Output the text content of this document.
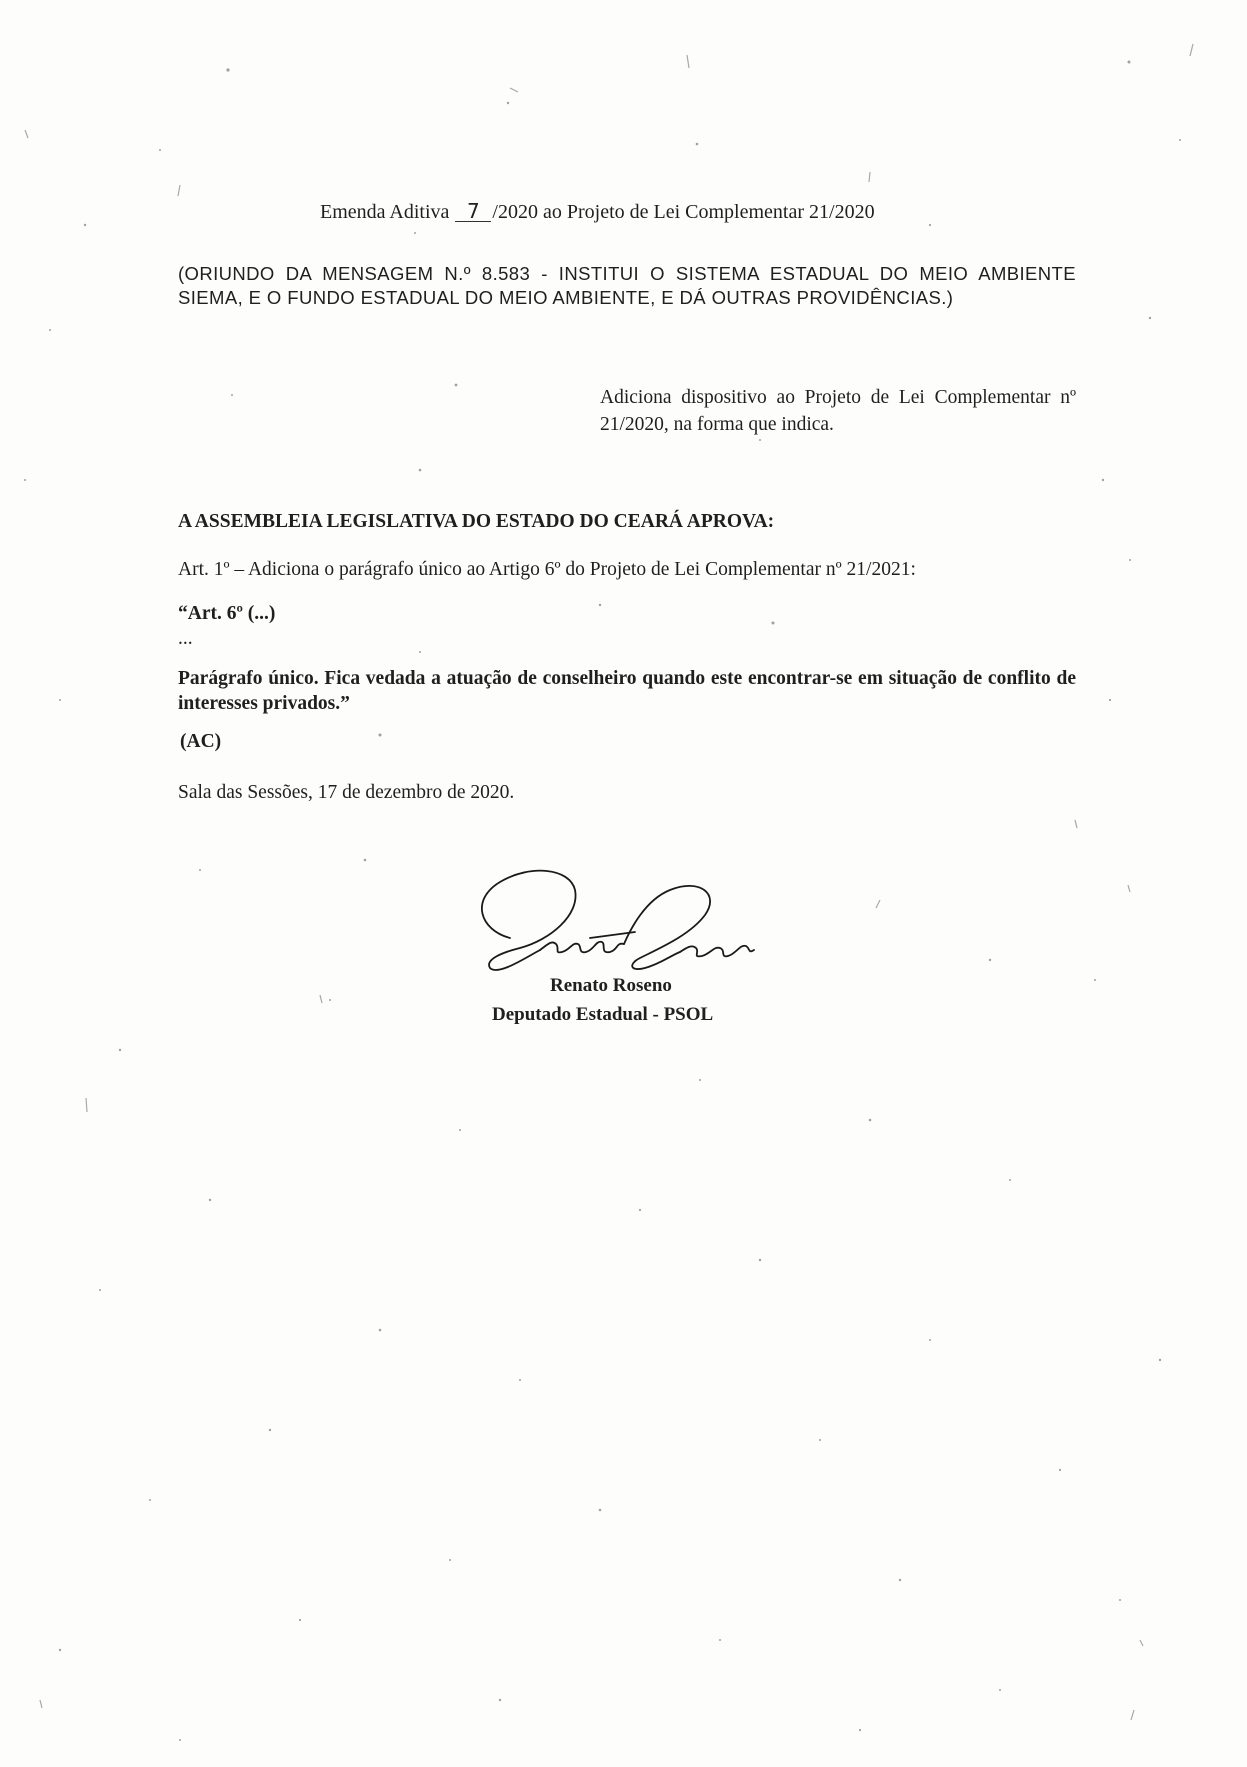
Emenda Aditiva 7 /2020 ao Projeto de Lei Complementar 21/2020
(ORIUNDO DA MENSAGEM N.º 8.583 - INSTITUI O SISTEMA ESTADUAL DO MEIO AMBIENTE SIEMA, E O FUNDO ESTADUAL DO MEIO AMBIENTE, E DÁ OUTRAS PROVIDÊNCIAS.)
Adiciona dispositivo ao Projeto de Lei Complementar nº 21/2020, na forma que indica.
A ASSEMBLEIA LEGISLATIVA DO ESTADO DO CEARÁ APROVA:
Art. 1º – Adiciona o parágrafo único ao Artigo 6º do Projeto de Lei Complementar nº 21/2021:
“Art. 6º (...)
...
Parágrafo único. Fica vedada a atuação de conselheiro quando este encontrar-se em situação de conflito de interesses privados.”
(AC)
Sala das Sessões, 17 de dezembro de 2020.
Renato Roseno
Deputado Estadual - PSOL
